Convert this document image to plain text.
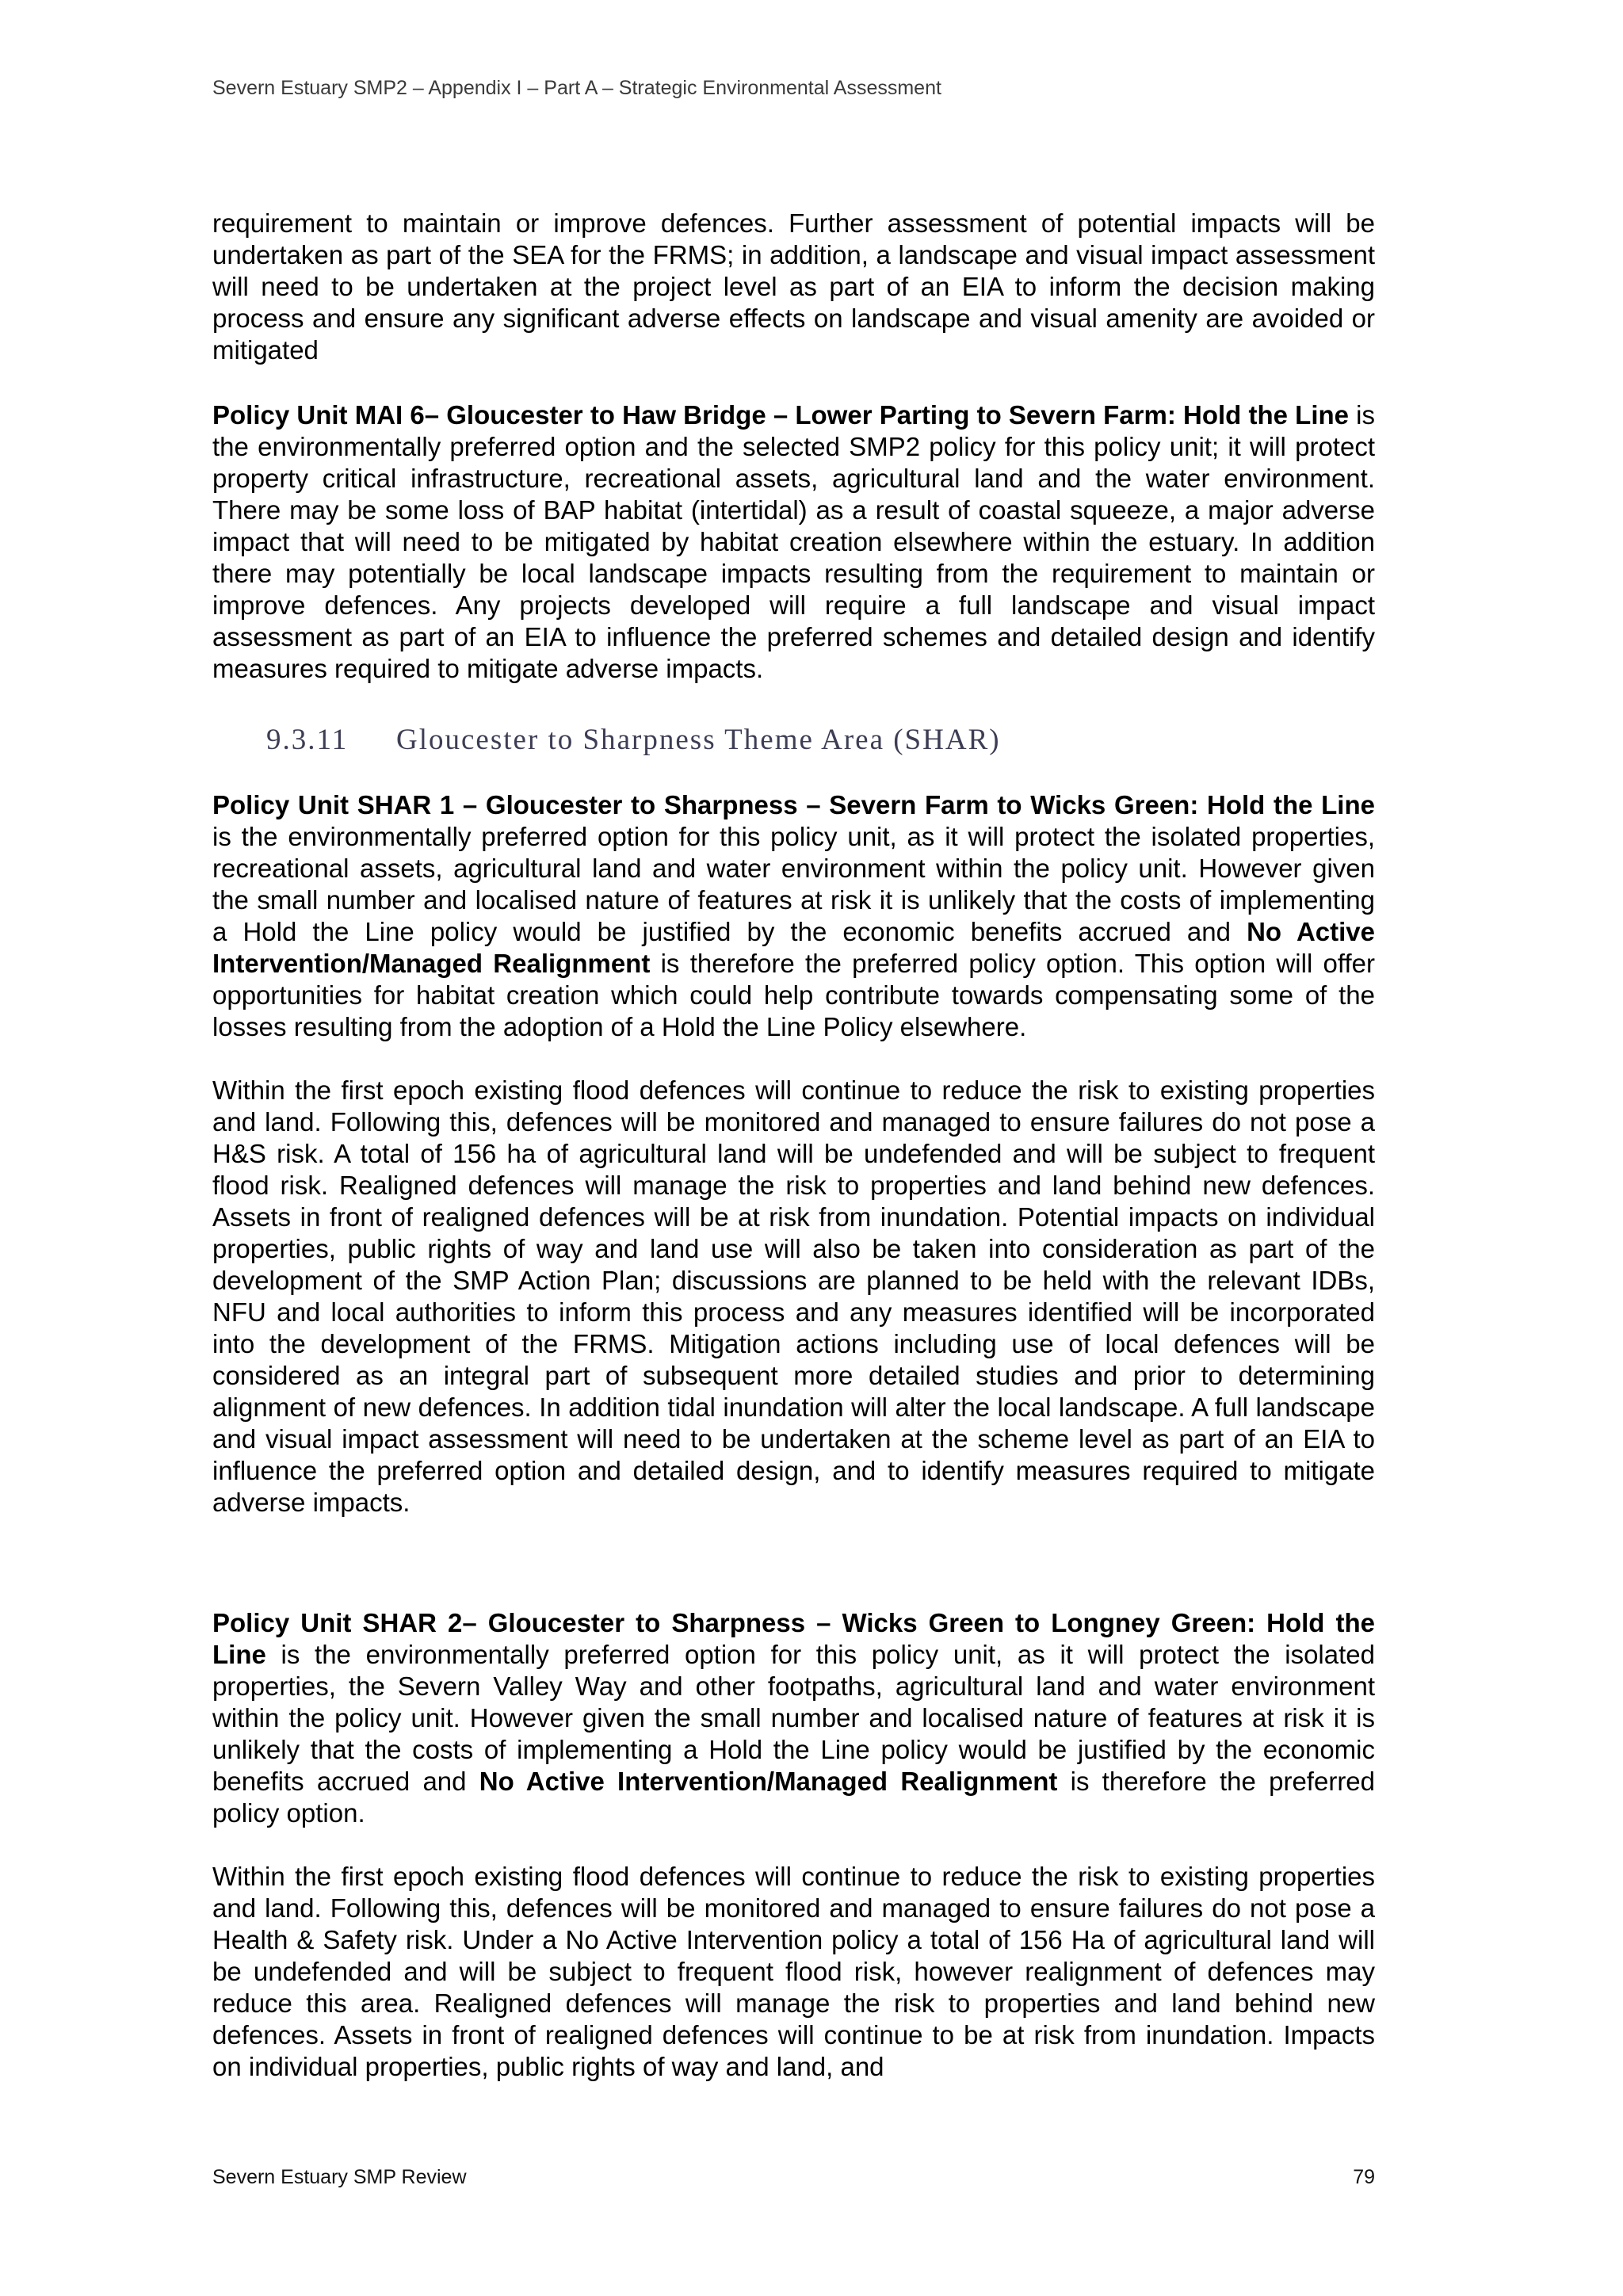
Severn Estuary SMP2 – Appendix I – Part A – Strategic Environmental Assessment

requirement to maintain or improve defences. Further assessment of potential impacts will be undertaken as part of the SEA for the FRMS; in addition, a landscape and visual impact assessment will need to be undertaken at the project level as part of an EIA to inform the decision making process and ensure any significant adverse effects on landscape and visual amenity are avoided or mitigated

Policy Unit MAI 6– Gloucester to Haw Bridge – Lower Parting to Severn Farm: Hold the Line is the environmentally preferred option and the selected SMP2 policy for this policy unit; it will protect property critical infrastructure, recreational assets, agricultural land and the water environment. There may be some loss of BAP habitat (intertidal) as a result of coastal squeeze, a major adverse impact that will need to be mitigated by habitat creation elsewhere within the estuary. In addition there may potentially be local landscape impacts resulting from the requirement to maintain or improve defences. Any projects developed will require a full landscape and visual impact assessment as part of an EIA to influence the preferred schemes and detailed design and identify measures required to mitigate adverse impacts.

9.3.11 Gloucester to Sharpness Theme Area (SHAR)

Policy Unit SHAR 1 – Gloucester to Sharpness – Severn Farm to Wicks Green: Hold the Line is the environmentally preferred option for this policy unit, as it will protect the isolated properties, recreational assets, agricultural land and water environment within the policy unit. However given the small number and localised nature of features at risk it is unlikely that the costs of implementing a Hold the Line policy would be justified by the economic benefits accrued and No Active Intervention/Managed Realignment is therefore the preferred policy option. This option will offer opportunities for habitat creation which could help contribute towards compensating some of the losses resulting from the adoption of a Hold the Line Policy elsewhere.

Within the first epoch existing flood defences will continue to reduce the risk to existing properties and land. Following this, defences will be monitored and managed to ensure failures do not pose a H&S risk. A total of 156 ha of agricultural land will be undefended and will be subject to frequent flood risk. Realigned defences will manage the risk to properties and land behind new defences. Assets in front of realigned defences will be at risk from inundation. Potential impacts on individual properties, public rights of way and land use will also be taken into consideration as part of the development of the SMP Action Plan; discussions are planned to be held with the relevant IDBs, NFU and local authorities to inform this process and any measures identified will be incorporated into the development of the FRMS. Mitigation actions including use of local defences will be considered as an integral part of subsequent more detailed studies and prior to determining alignment of new defences. In addition tidal inundation will alter the local landscape. A full landscape and visual impact assessment will need to be undertaken at the scheme level as part of an EIA to influence the preferred option and detailed design, and to identify measures required to mitigate adverse impacts.

Policy Unit SHAR 2– Gloucester to Sharpness – Wicks Green to Longney Green: Hold the Line is the environmentally preferred option for this policy unit, as it will protect the isolated properties, the Severn Valley Way and other footpaths, agricultural land and water environment within the policy unit. However given the small number and localised nature of features at risk it is unlikely that the costs of implementing a Hold the Line policy would be justified by the economic benefits accrued and No Active Intervention/Managed Realignment is therefore the preferred policy option.

Within the first epoch existing flood defences will continue to reduce the risk to existing properties and land. Following this, defences will be monitored and managed to ensure failures do not pose a Health & Safety risk. Under a No Active Intervention policy a total of 156 Ha of agricultural land will be undefended and will be subject to frequent flood risk, however realignment of defences may reduce this area. Realigned defences will manage the risk to properties and land behind new defences. Assets in front of realigned defences will continue to be at risk from inundation. Impacts on individual properties, public rights of way and land, and

Severn Estuary SMP Review	79
